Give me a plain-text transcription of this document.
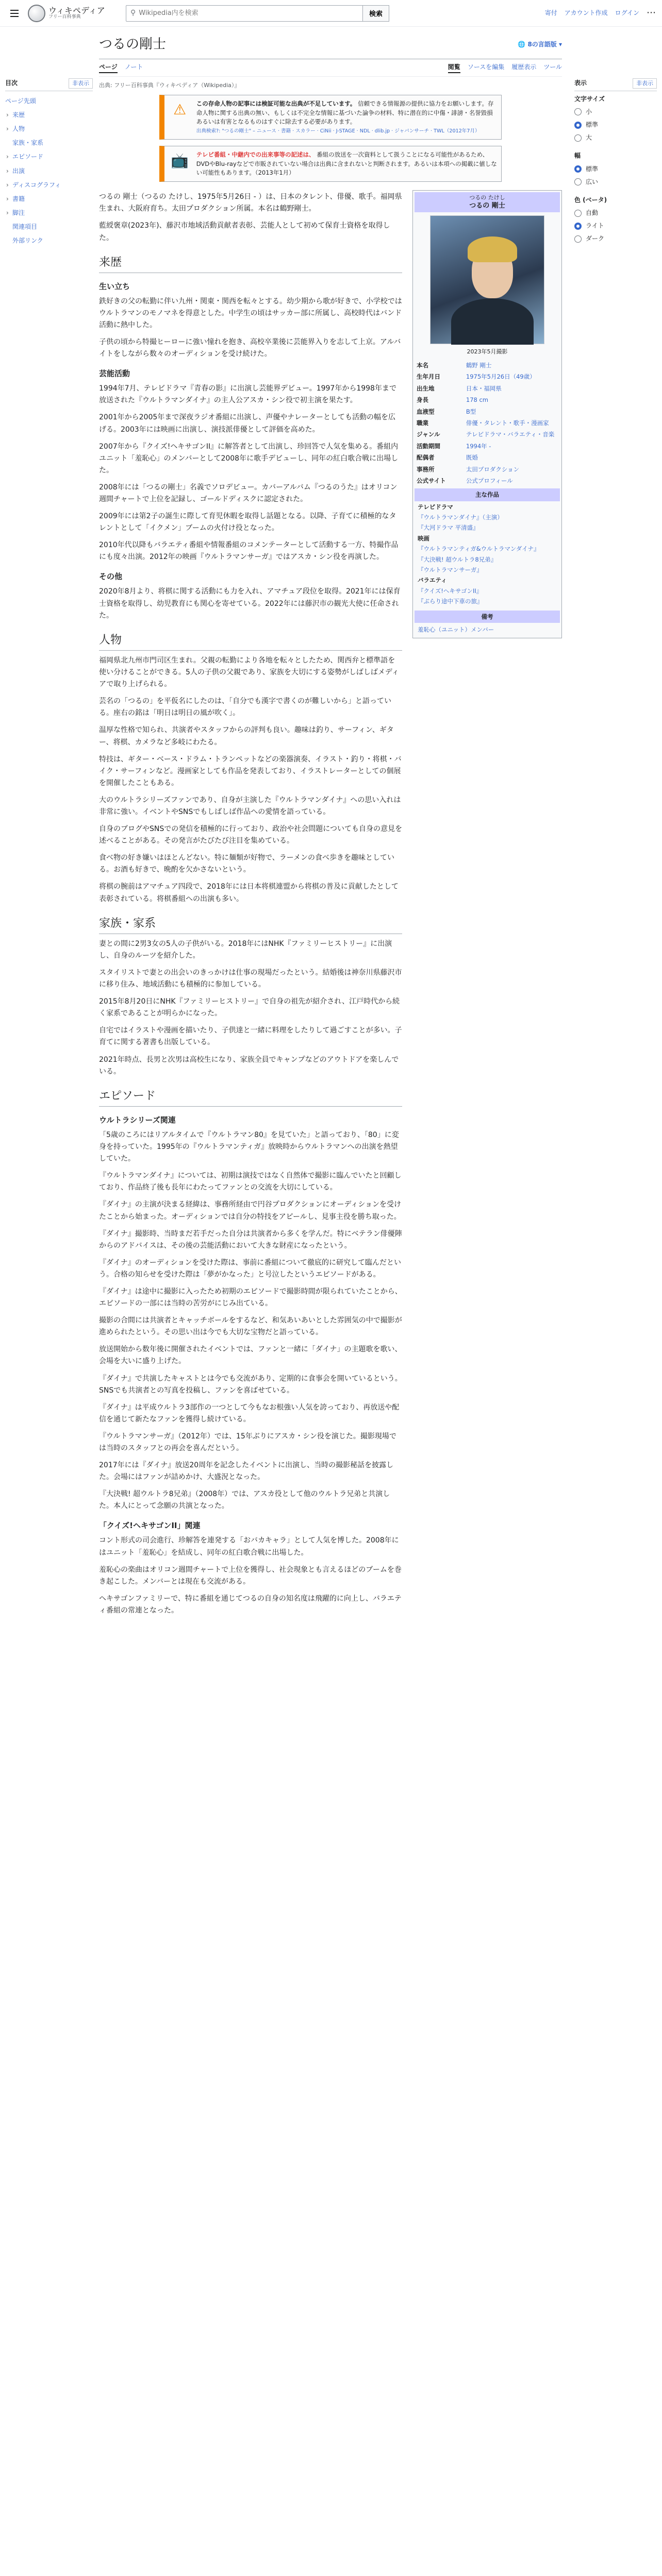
ウィキペディア
フリー百科事典
⚲
Wikipedia内を検索	検索	寄付 アカウント作成 ログイン ⋯
目次	非表示
ページ先頭
› 来歴
› 人物
家族・家系
› エピソード
› 出演
› ディスコグラフィ
› 書籍
› 脚注
関連項目
外部リンク
つるの剛士	🌐 8の言語版 ▾
ページ ノート	閲覧 ソースを編集 履歴表示 ツール
出典: フリー百科事典『ウィキペディア（Wikipedia）』
⚠	この存命人物の記事には検証可能な出典が不足しています。 信頼できる情報源の提供に協力をお願いします。存命人物に関する出典の無い、もしくは不完全な情報に基づいた論争の材料、特に潜在的に中傷・誹謗・名誉毀損あるいは有害となるものはすぐに除去する必要があります。
出典検索?: "つるの剛士" – ニュース · 書籍 · スカラー · CiNii · J-STAGE · NDL · dlib.jp · ジャパンサーチ · TWL（2012年7月）
📺	テレビ番組・中継内での出来事等の記述は、 番組の放送を一次資料として扱うことになる可能性があるため、DVDやBlu-rayなどで市販されていない場合は出典に含まれないと判断されます。あるいは本項への掲載に値しない可能性もあります。（2013年1月）

つるの 剛士（つるの たけし、1975年5月26日 - ）は、日本のタレント、俳優、歌手。福岡県生まれ、大阪府育ち。太田プロダクション所属。本名は鶴野剛士。

藍綬褒章(2023年)、藤沢市地域活動貢献者表彰、芸能人として初めて保育士資格を取得した。

来歴
生い立ち

鉄好きの父の転勤に伴い九州・関東・関西を転々とする。幼少期から歌が好きで、小学校ではウルトラマンのモノマネを得意とした。中学生の頃はサッカー部に所属し、高校時代はバンド活動に熱中した。

子供の頃から特撮ヒーローに強い憧れを抱き、高校卒業後に芸能界入りを志して上京。アルバイトをしながら数々のオーディションを受け続けた。

芸能活動

1994年7月、テレビドラマ『青春の影』に出演し芸能界デビュー。1997年から1998年まで放送された『ウルトラマンダイナ』の主人公アスカ・シン役で初主演を果たす。

2001年から2005年まで深夜ラジオ番組に出演し、声優やナレーターとしても活動の幅を広げる。2003年には映画に出演し、演技派俳優として評価を高めた。

2007年から『クイズ!ヘキサゴンII』に解答者として出演し、珍回答で人気を集める。番組内ユニット「羞恥心」のメンバーとして2008年に歌手デビューし、同年の紅白歌合戦に出場した。

2008年には「つるの剛士」名義でソロデビュー。カバーアルバム『つるのうた』はオリコン週間チャートで上位を記録し、ゴールドディスクに認定された。

2009年には第2子の誕生に際して育児休暇を取得し話題となる。以降、子育てに積極的なタレントとして「イクメン」ブームの火付け役となった。

2010年代以降もバラエティ番組や情報番組のコメンテーターとして活動する一方、特撮作品にも度々出演。2012年の映画『ウルトラマンサーガ』ではアスカ・シン役を再演した。

その他

2020年8月より、将棋に関する活動にも力を入れ、アマチュア段位を取得。2021年には保育士資格を取得し、幼児教育にも関心を寄せている。2022年には藤沢市の観光大使に任命された。

人物

福岡県北九州市門司区生まれ。父親の転勤により各地を転々としたため、関西弁と標準語を使い分けることができる。5人の子供の父親であり、家族を大切にする姿勢がしばしばメディアで取り上げられる。

芸名の「つるの」を平仮名にしたのは、「自分でも漢字で書くのが難しいから」と語っている。座右の銘は「明日は明日の風が吹く」。

温厚な性格で知られ、共演者やスタッフからの評判も良い。趣味は釣り、サーフィン、ギター、将棋、カメラなど多岐にわたる。

特技は、ギター・ベース・ドラム・トランペットなどの楽器演奏、イラスト・釣り・将棋・バイク・サーフィンなど。漫画家としても作品を発表しており、イラストレーターとしての個展を開催したこともある。

大のウルトラシリーズファンであり、自身が主演した『ウルトラマンダイナ』への思い入れは非常に強い。イベントやSNSでもしばしば作品への愛情を語っている。

自身のブログやSNSでの発信を積極的に行っており、政治や社会問題についても自身の意見を述べることがある。その発言がたびたび注目を集めている。

食べ物の好き嫌いはほとんどない。特に麺類が好物で、ラーメンの食べ歩きを趣味としている。お酒も好きで、晩酌を欠かさないという。

将棋の腕前はアマチュア四段で、2018年には日本将棋連盟から将棋の普及に貢献したとして表彰されている。将棋番組への出演も多い。

家族・家系

妻との間に2男3女の5人の子供がいる。2018年にはNHK『ファミリーヒストリー』に出演し、自身のルーツを紹介した。

スタイリストで妻との出会いのきっかけは仕事の現場だったという。結婚後は神奈川県藤沢市に移り住み、地域活動にも積極的に参加している。

2015年8月20日にNHK『ファミリーヒストリー』で自身の祖先が紹介され、江戸時代から続く家系であることが明らかになった。

自宅ではイラストや漫画を描いたり、子供達と一緒に料理をしたりして過ごすことが多い。子育てに関する著書も出版している。

2021年時点、長男と次男は高校生になり、家族全員でキャンプなどのアウトドアを楽しんでいる。

エピソード
ウルトラシリーズ関連

「5歳のころにはリアルタイムで『ウルトラマン80』を見ていた」と語っており、「80」に変身を持っていた。1995年の『ウルトラマンティガ』放映時からウルトラマンへの出演を熱望していた。

『ウルトラマンダイナ』については、初期は演技ではなく自然体で撮影に臨んでいたと回顧しており、作品終了後も長年にわたってファンとの交流を大切にしている。

『ダイナ』の主演が決まる経緯は、事務所経由で円谷プロダクションにオーディションを受けたことから始まった。オーディションでは自分の特技をアピールし、見事主役を勝ち取った。

『ダイナ』撮影時、当時まだ若手だった自分は共演者から多くを学んだ。特にベテラン俳優陣からのアドバイスは、その後の芸能活動において大きな財産になったという。

『ダイナ』のオーディションを受けた際は、事前に番組について徹底的に研究して臨んだという。合格の知らせを受けた際は「夢がかなった」と号泣したというエピソードがある。

『ダイナ』は途中に撮影に入ったため初期のエピソードで撮影時間が限られていたことから、エピソードの一部には当時の苦労がにじみ出ている。

撮影の合間には共演者とキャッチボールをするなど、和気あいあいとした雰囲気の中で撮影が進められたという。その思い出は今でも大切な宝物だと語っている。

放送開始から数年後に開催されたイベントでは、ファンと一緒に「ダイナ」の主題歌を歌い、会場を大いに盛り上げた。

『ダイナ』で共演したキャストとは今でも交流があり、定期的に食事会を開いているという。SNSでも共演者との写真を投稿し、ファンを喜ばせている。

『ダイナ』は平成ウルトラ3部作の一つとして今もなお根強い人気を誇っており、再放送や配信を通じて新たなファンを獲得し続けている。

『ウルトラマンサーガ』（2012年）では、15年ぶりにアスカ・シン役を演じた。撮影現場では当時のスタッフとの再会を喜んだという。

2017年には『ダイナ』放送20周年を記念したイベントに出演し、当時の撮影秘話を披露した。会場にはファンが詰めかけ、大盛況となった。

『大決戦! 超ウルトラ8兄弟』（2008年）では、アスカ役として他のウルトラ兄弟と共演した。本人にとって念願の共演となった。

「クイズ!ヘキサゴンII」関連

コント形式の司会進行、珍解答を連発する「おバカキャラ」として人気を博した。2008年にはユニット「羞恥心」を結成し、同年の紅白歌合戦に出場した。

羞恥心の楽曲はオリコン週間チャートで上位を獲得し、社会現象とも言えるほどのブームを巻き起こした。メンバーとは現在も交流がある。

ヘキサゴンファミリーで、特に番組を通じてつるの自身の知名度は飛躍的に向上し、バラエティ番組の常連となった。

つるの たけし
つるの 剛士
2023年5月撮影
本名	鶴野 剛士
生年月日	1975年5月26日（49歳）
出生地	日本・福岡県
身長	178 cm
血液型	B型
職業	俳優・タレント・歌手・漫画家
ジャンル	テレビドラマ・バラエティ・音楽
活動期間	1994年 -
配偶者	既婚
事務所	太田プロダクション
公式サイト	公式プロフィール
主な作品
テレビドラマ
『ウルトラマンダイナ』（主演）
『大河ドラマ 平清盛』
映画
『ウルトラマンティガ&ウルトラマンダイナ』
『大決戦! 超ウルトラ8兄弟』
『ウルトラマンサーガ』
バラエティ
『クイズ!ヘキサゴンII』
『ぶらり途中下車の旅』
備考
羞恥心（ユニット）メンバー
表示	非表示
文字サイズ
小
標準
大
幅
標準
広い
色 (ベータ)
自動
ライト
ダーク
